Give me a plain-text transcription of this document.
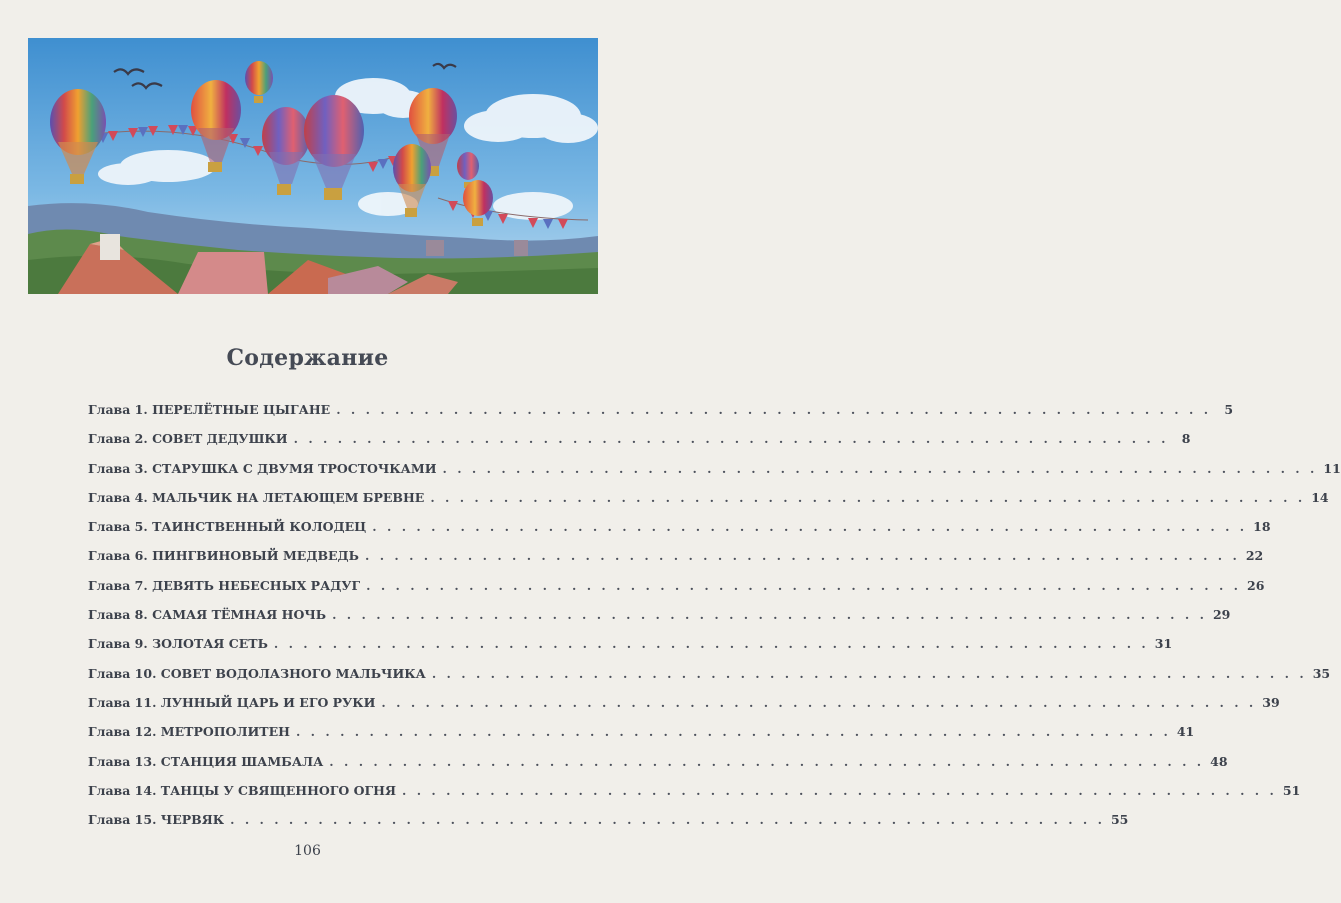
Содержание
Глава 1. ПЕРЕЛЁТНЫЕ ЦЫГАНЕ . . . . . . . . . . . . . . . . . . . . . . . . . . . . . . . . . . . . . . . . . . . . . . . . . . . . . . . . . . . .	5
Глава 2. СОВЕТ ДЕДУШКИ . . . . . . . . . . . . . . . . . . . . . . . . . . . . . . . . . . . . . . . . . . . . . . . . . . . . . . . . . . . .	8
Глава 3. СТАРУШКА С ДВУМЯ ТРОСТОЧКАМИ . . . . . . . . . . . . . . . . . . . . . . . . . . . . . . . . . . . . . . . . . . . . . . . . . . . . . . . . . . . . 11
Глава 4. МАЛЬЧИК НА ЛЕТАЮЩЕМ БРЕВНЕ . . . . . . . . . . . . . . . . . . . . . . . . . . . . . . . . . . . . . . . . . . . . . . . . . . . . . . . . . . . . 14
Глава 5. ТАИНСТВЕННЫЙ КОЛОДЕЦ . . . . . . . . . . . . . . . . . . . . . . . . . . . . . . . . . . . . . . . . . . . . . . . . . . . . . . . . . . . . 18
Глава 6. ПИНГВИНОВЫЙ МЕДВЕДЬ . . . . . . . . . . . . . . . . . . . . . . . . . . . . . . . . . . . . . . . . . . . . . . . . . . . . . . . . . . . . 22
Глава 7. ДЕВЯТЬ НЕБЕСНЫХ РАДУГ . . . . . . . . . . . . . . . . . . . . . . . . . . . . . . . . . . . . . . . . . . . . . . . . . . . . . . . . . . . . 26
Глава 8. САМАЯ ТЁМНАЯ НОЧЬ . . . . . . . . . . . . . . . . . . . . . . . . . . . . . . . . . . . . . . . . . . . . . . . . . . . . . . . . . . . . 29
Глава 9. ЗОЛОТАЯ СЕТЬ . . . . . . . . . . . . . . . . . . . . . . . . . . . . . . . . . . . . . . . . . . . . . . . . . . . . . . . . . . . . 31
Глава 10. СОВЕТ ВОДОЛАЗНОГО МАЛЬЧИКА . . . . . . . . . . . . . . . . . . . . . . . . . . . . . . . . . . . . . . . . . . . . . . . . . . . . . . . . . . . . 35
Глава 11. ЛУННЫЙ ЦАРЬ И ЕГО РУКИ . . . . . . . . . . . . . . . . . . . . . . . . . . . . . . . . . . . . . . . . . . . . . . . . . . . . . . . . . . . . 39
Глава 12. МЕТРОПОЛИТЕН . . . . . . . . . . . . . . . . . . . . . . . . . . . . . . . . . . . . . . . . . . . . . . . . . . . . . . . . . . . . 41
Глава 13. СТАНЦИЯ ШАМБАЛА . . . . . . . . . . . . . . . . . . . . . . . . . . . . . . . . . . . . . . . . . . . . . . . . . . . . . . . . . . . . 48
Глава 14. ТАНЦЫ У СВЯЩЕННОГО ОГНЯ . . . . . . . . . . . . . . . . . . . . . . . . . . . . . . . . . . . . . . . . . . . . . . . . . . . . . . . . . . . . 51
Глава 15. ЧЕРВЯК . . . . . . . . . . . . . . . . . . . . . . . . . . . . . . . . . . . . . . . . . . . . . . . . . . . . . . . . . . . . 55
106
